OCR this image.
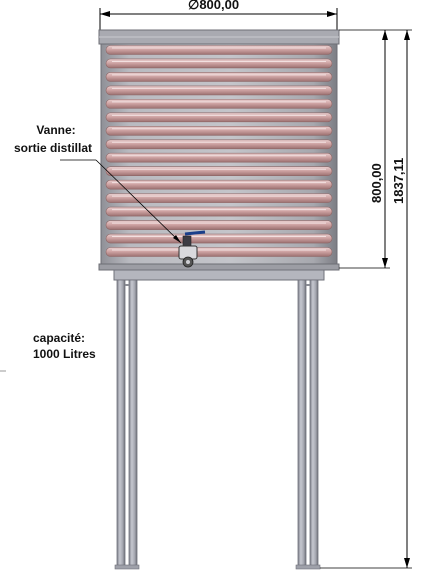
∅800,00
Vanne:
sortie distillat
capacité:
1000 Litres
800,00 1837,11
